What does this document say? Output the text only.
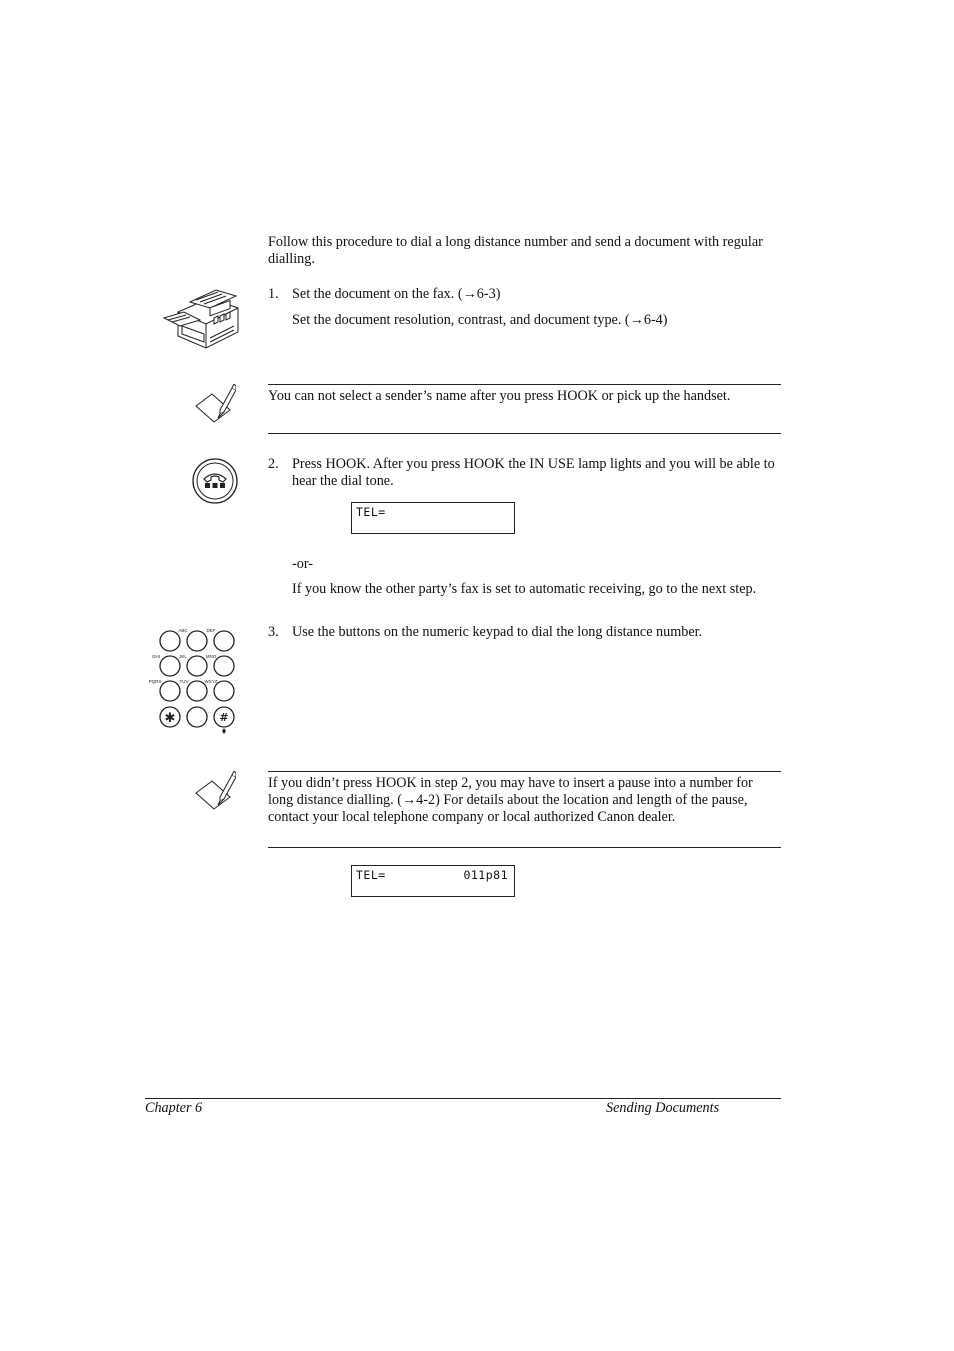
Follow this procedure to dial a long distance number and send a document with regular dialling.
1. Set the document on the fax. (→6-3)
Set the document resolution, contrast, and document type. (→6-4)
You can not select a sender’s name after you press HOOK or pick up the handset.
2. Press HOOK. After you press HOOK the IN USE lamp lights and you will be able to hear the dial tone.
TEL=
-or-
If you know the other party’s fax is set to automatic receiving, go to the next step.
ABC	DEF
GHI	JKL	MNO
PQRS	TUV	WXYZ
✱	#
3. Use the buttons on the numeric keypad to dial the long distance number.
If you didn’t press HOOK in step 2, you may have to insert a pause into a number for long distance dialling. (→4-2) For details about the location and length of the pause, contact your local telephone company or local authorized Canon dealer.
TEL=	011p81
Chapter 6	Sending Documents
